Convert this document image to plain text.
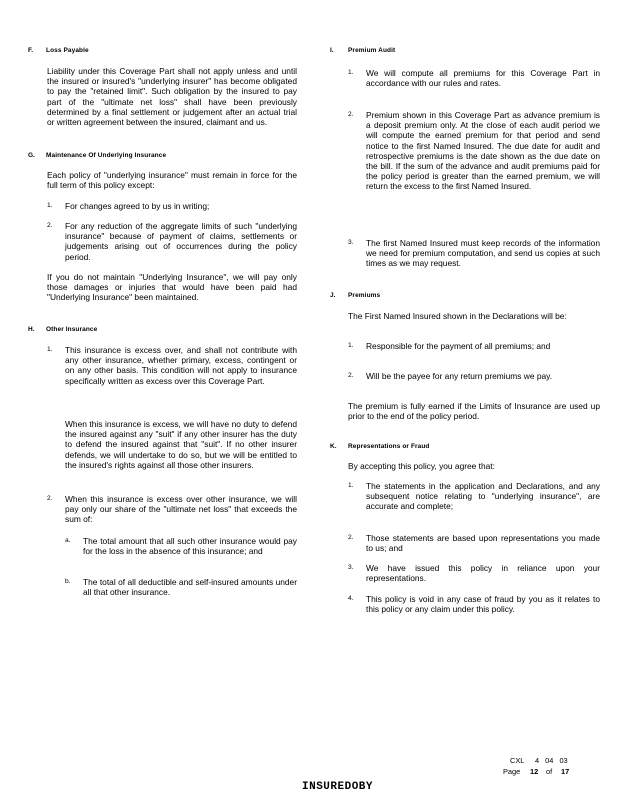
F. Loss Payable
Liability under this Coverage Part shall not apply unless and until the insured or insured's "underlying insurer" has become obligated to pay the "retained limit". Such obligation by the insured to pay part of the "ultimate net loss" shall have been previously determined by a final settlement or judgement after an actual trial or written agreement between the insured, claimant and us.
G. Maintenance Of Underlying Insurance
Each policy of "underlying insurance" must remain in force for the full term of this policy except:
1. For changes agreed to by us in writing;
2. For any reduction of the aggregate limits of such "underlying insurance" because of payment of claims, settlements or judgements arising out of occurrences during the policy period.
If you do not maintain "Underlying Insurance", we will pay only those damages or injuries that would have been paid had "Underlying Insurance" been maintained.
H. Other Insurance
1. This insurance is excess over, and shall not contribute with any other insurance, whether primary, excess, contingent or on any other basis. This condition will not apply to insurance specifically written as excess over this Coverage Part.
When this insurance is excess, we will have no duty to defend the insured against any "suit" if any other insurer has the duty to defend the insured against that "suit". If no other insurer defends, we will undertake to do so, but we will be entitled to the insured's rights against all those other insurers.
2. When this insurance is excess over other insurance, we will pay only our share of the "ultimate net loss" that exceeds the sum of:
a. The total amount that all such other insurance would pay for the loss in the absence of this insurance; and
b. The total of all deductible and self-insured amounts under all that other insurance.
I. Premium Audit
1. We will compute all premiums for this Coverage Part in accordance with our rules and rates.
2. Premium shown in this Coverage Part as advance premium is a deposit premium only. At the close of each audit period we will compute the earned premium for that period and send notice to the first Named Insured. The due date for audit and retrospective premiums is the date shown as the due date on the bill. If the sum of the advance and audit premiums paid for the policy period is greater than the earned premium, we will return the excess to the first Named Insured.
3. The first Named Insured must keep records of the information we need for premium computation, and send us copies at such times as we may request.
J. Premiums
The First Named Insured shown in the Declarations will be:
1. Responsible for the payment of all premiums; and
2. Will be the payee for any return premiums we pay.
The premium is fully earned if the Limits of Insurance are used up prior to the end of the policy period.
K. Representations or Fraud
By accepting this policy, you agree that:
1. The statements in the application and Declarations, and any subsequent notice relating to "underlying insurance", are accurate and complete;
2. Those statements are based upon representations you made to us; and
3. We have issued this policy in reliance upon your representations.
4. This policy is void in any case of fraud by you as it relates to this policy or any claim under this policy.
CXL 4 04 03
Page 12 of 17
INSUREDOBY
